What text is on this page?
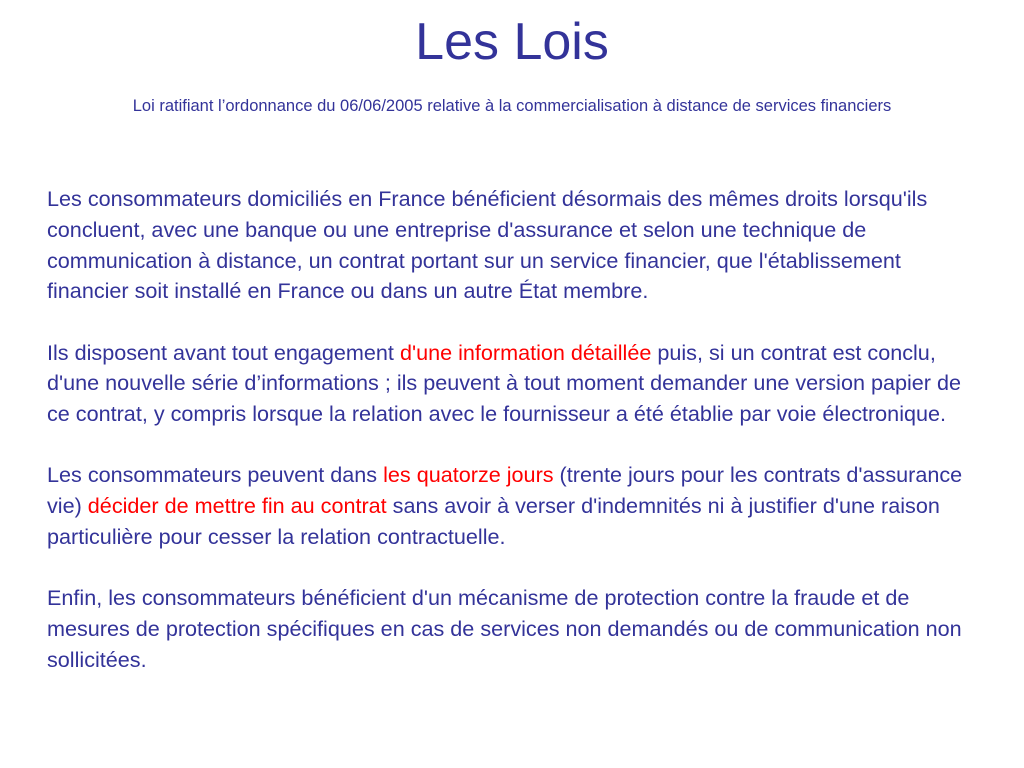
Les Lois

Loi ratifiant l’ordonnance du 06/06/2005 relative à la commercialisation à distance de services financiers

Les consommateurs domiciliés en France bénéficient désormais des mêmes droits lorsqu'ils concluent, avec une banque ou une entreprise d'assurance et selon une technique de communication à distance, un contrat portant sur un service financier, que l'établissement financier soit installé en France ou dans un autre État membre.

Ils disposent avant tout engagement d'une information détaillée puis, si un contrat est conclu, d'une nouvelle série d’informations ; ils peuvent à tout moment demander une version papier de ce contrat, y compris lorsque la relation avec le fournisseur a été établie par voie électronique.

Les consommateurs peuvent dans les quatorze jours (trente jours pour les contrats d'assurance vie) décider de mettre fin au contrat sans avoir à verser d'indemnités ni à justifier d'une raison particulière pour cesser la relation contractuelle.

Enfin, les consommateurs bénéficient d'un mécanisme de protection contre la fraude et de mesures de protection spécifiques en cas de services non demandés ou de communication non sollicitées.
